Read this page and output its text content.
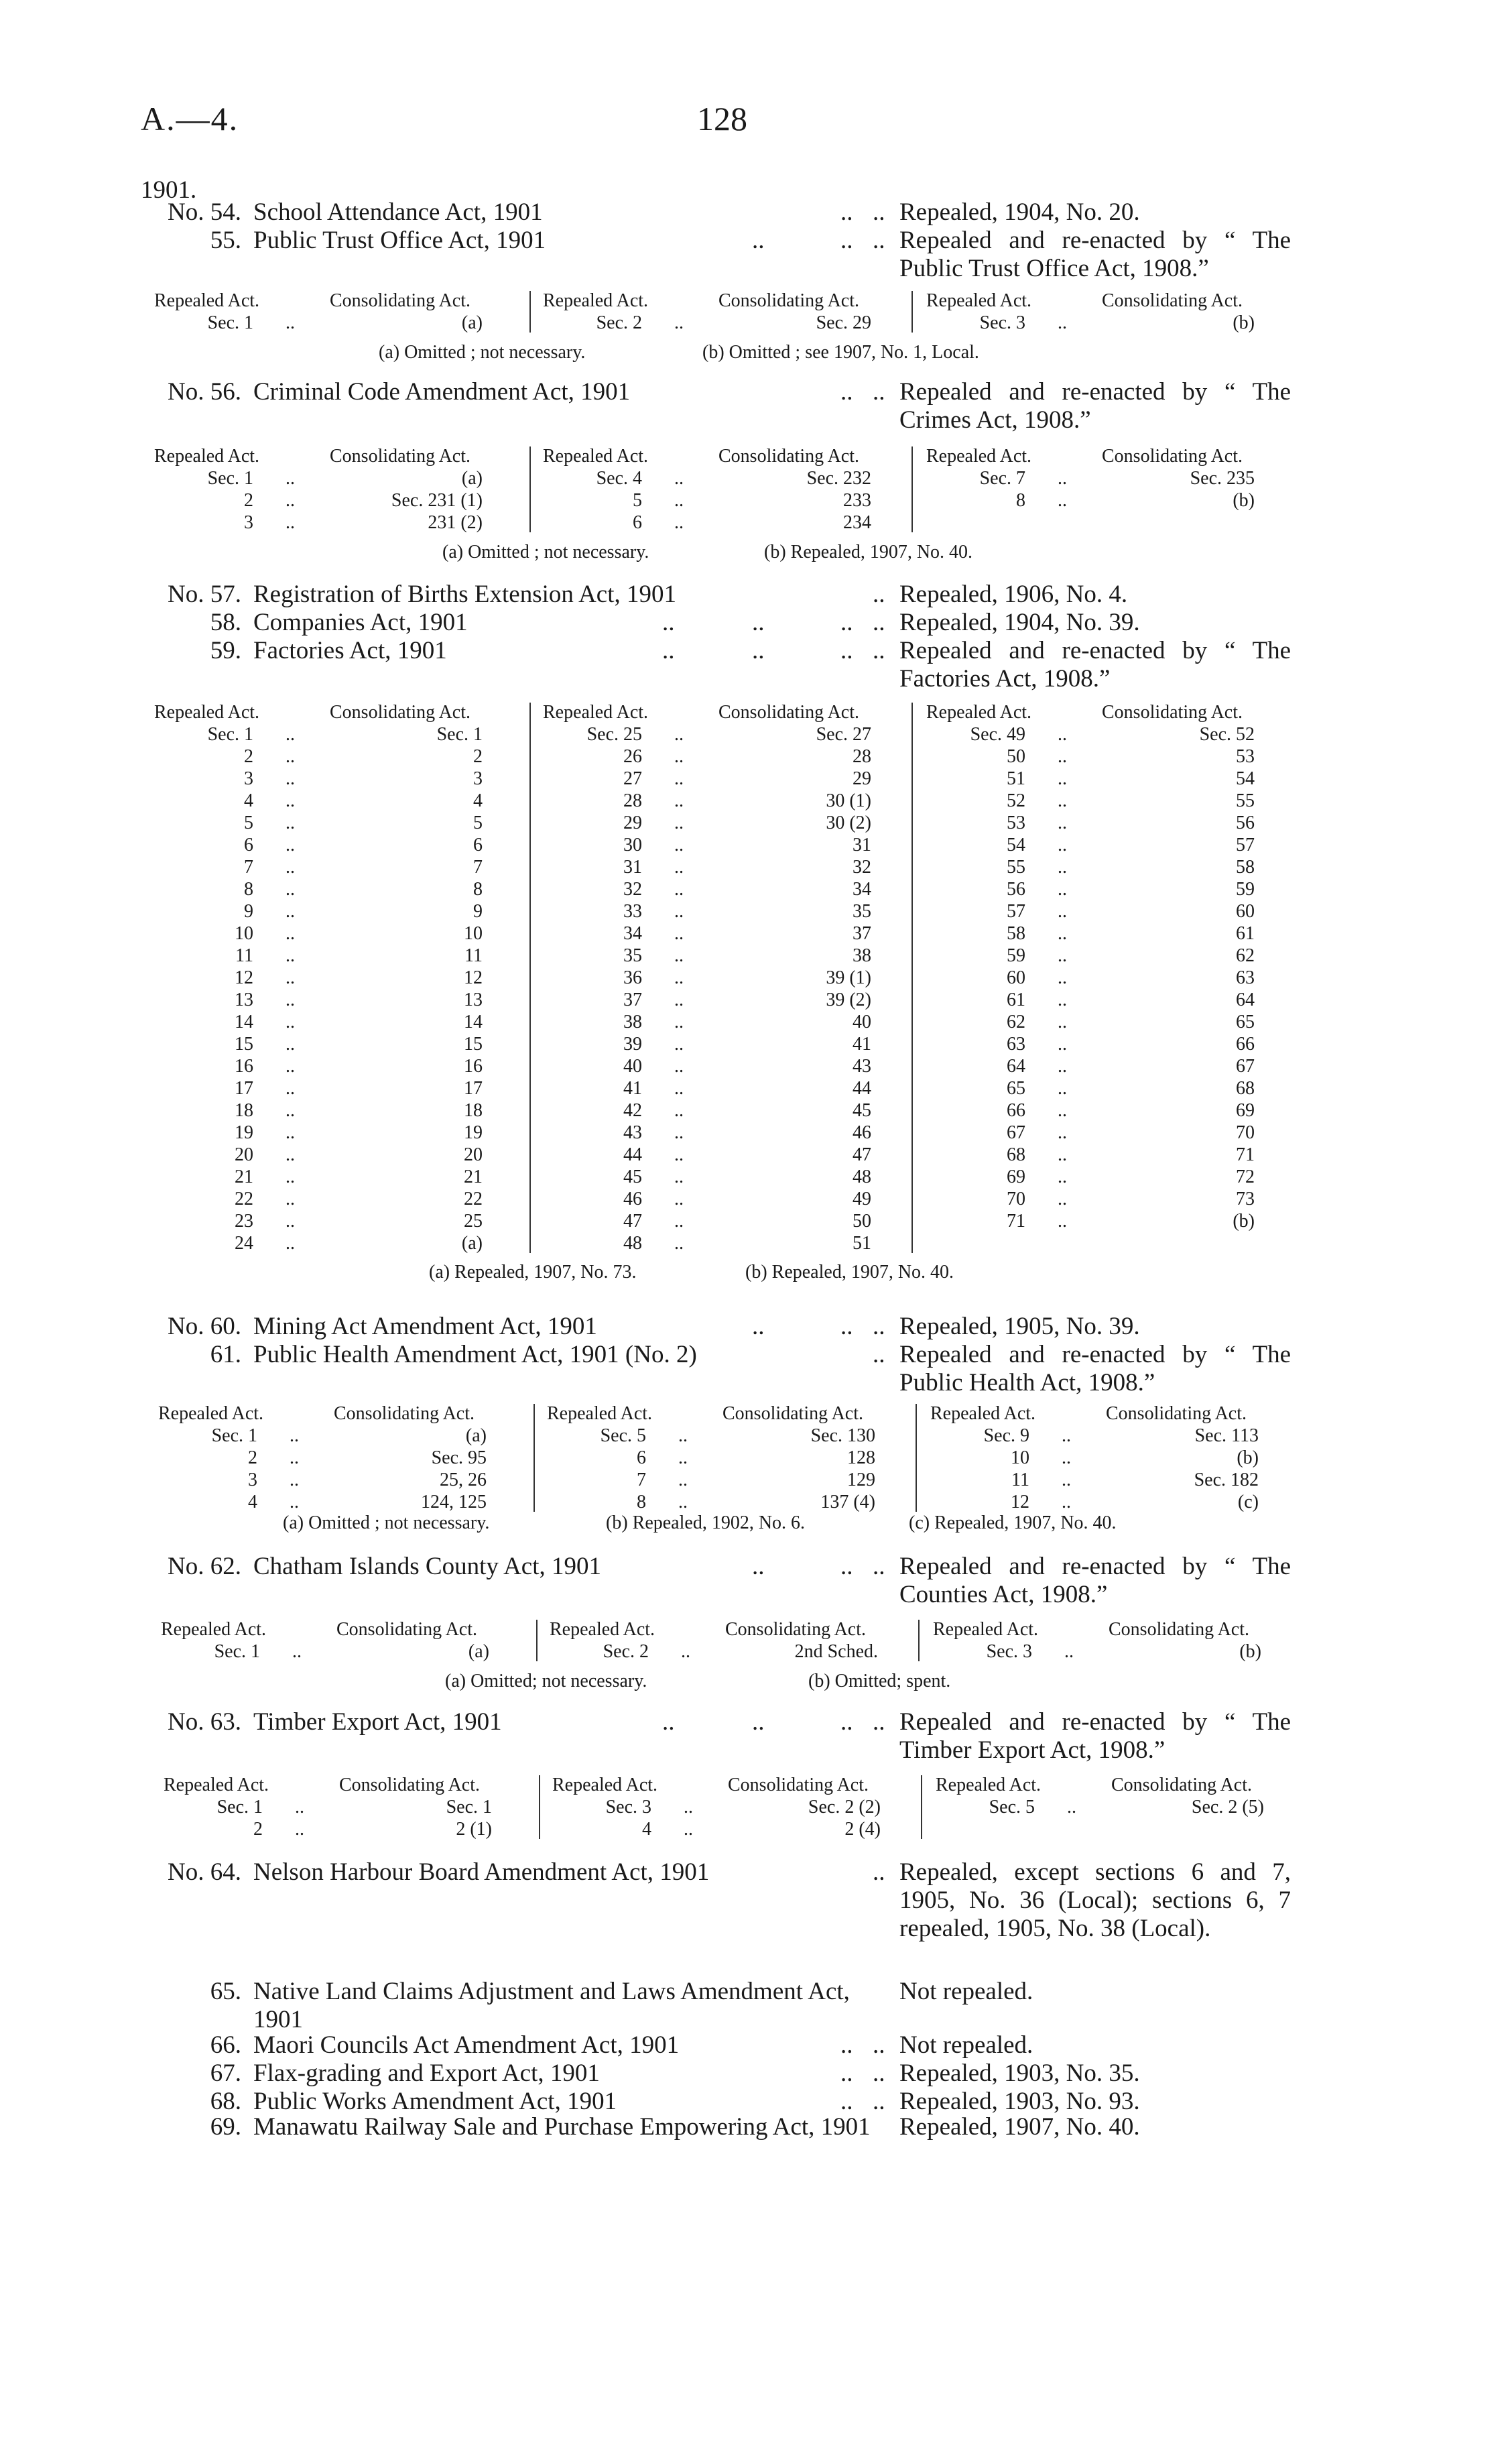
A.—4.	128
1901.
No. 54. School Attendance Act, 1901	.. .. Repealed, 1904, No. 20.
55. Public Trust Office Act, 1901	..	.. .. Repealed and re-enacted by “ The Public Trust Office Act, 1908.”
No. 56. Criminal Code Amendment Act, 1901	.. .. Repealed and re-enacted by “ The Crimes Act, 1908.”
No. 57. Registration of Births Extension Act, 1901	.. Repealed, 1906, No. 4.
58. Companies Act, 1901	..	..	.. .. Repealed, 1904, No. 39.
59. Factories Act, 1901	..	..	.. .. Repealed and re-enacted by “ The Factories Act, 1908.”
No. 60. Mining Act Amendment Act, 1901	..	.. .. Repealed, 1905, No. 39.
61. Public Health Amendment Act, 1901 (No. 2)	.. Repealed and re-enacted by “ The Public Health Act, 1908.”
No. 62. Chatham Islands County Act, 1901	..	.. .. Repealed and re-enacted by “ The Counties Act, 1908.”
No. 63. Timber Export Act, 1901	..	..	.. .. Repealed and re-enacted by “ The Timber Export Act, 1908.”
No. 64. Nelson Harbour Board Amendment Act, 1901	.. Repealed, except sections 6 and 7, 1905, No. 36 (Local); sections 6, 7 repealed, 1905, No. 38 (Local).
65. Native Land Claims Adjustment and Laws Amendment Act, 1901
Not repealed.
66. Maori Councils Act Amendment Act, 1901	.. .. Not repealed.
67. Flax-grading and Export Act, 1901	.. .. Repealed, 1903, No. 35.
68. Public Works Amendment Act, 1901	.. .. Repealed, 1903, No. 93.
69. Manawatu Railway Sale and Purchase Empowering Act, 1901	Repealed, 1907, No. 40.
Repealed Act.	Consolidating Act.
Sec. 1 ..	(a)
Repealed Act.	Consolidating Act.
Sec. 2 ..	Sec. 29
Repealed Act.	Consolidating Act.
Sec. 3 ..	(b)
Repealed Act.	Consolidating Act.
Sec. 1 ..	(a)
2 ..	Sec. 231 (1)
3 ..	231 (2)
Repealed Act.	Consolidating Act.
Sec. 4 ..	Sec. 232
5 ..	233
6 ..	234
Repealed Act.	Consolidating Act.
Sec. 7 ..	Sec. 235
8 ..	(b)
Repealed Act.	Consolidating Act.
Sec. 1 ..	Sec. 1
2 ..	2
3 ..	3
4 ..	4
5 ..	5
6 ..	6
7 ..	7
8 ..	8
9 ..	9
10 ..	10
11 ..	11
12 ..	12
13 ..	13
14 ..	14
15 ..	15
16 ..	16
17 ..	17
18 ..	18
19 ..	19
20 ..	20
21 ..	21
22 ..	22
23 ..	25
24 ..	(a)
Repealed Act.	Consolidating Act.
Sec. 25 ..	Sec. 27
26 ..	28
27 ..	29
28 ..	30 (1)
29 ..	30 (2)
30 ..	31
31 ..	32
32 ..	34
33 ..	35
34 ..	37
35 ..	38
36 ..	39 (1)
37 ..	39 (2)
38 ..	40
39 ..	41
40 ..	43
41 ..	44
42 ..	45
43 ..	46
44 ..	47
45 ..	48
46 ..	49
47 ..	50
48 ..	51
Repealed Act.	Consolidating Act.
Sec. 49 ..	Sec. 52
50 ..	53
51 ..	54
52 ..	55
53 ..	56
54 ..	57
55 ..	58
56 ..	59
57 ..	60
58 ..	61
59 ..	62
60 ..	63
61 ..	64
62 ..	65
63 ..	66
64 ..	67
65 ..	68
66 ..	69
67 ..	70
68 ..	71
69 ..	72
70 ..	73
71 ..	(b)
Repealed Act.	Consolidating Act.
Sec. 1 ..	(a)
2 ..	Sec. 95
3 ..	25, 26
4 ..	124, 125
Repealed Act.	Consolidating Act.
Sec. 5 ..	Sec. 130
6 ..	128
7 ..	129
8 ..	137 (4)
Repealed Act.	Consolidating Act.
Sec. 9 ..	Sec. 113
10 ..	(b)
11 ..	Sec. 182
12 ..	(c)
Repealed Act.	Consolidating Act.
Sec. 1 ..	(a)
Repealed Act.	Consolidating Act.
Sec. 2 ..	2nd Sched.
Repealed Act.	Consolidating Act.
Sec. 3 ..	(b)
Repealed Act.	Consolidating Act.
Sec. 1 ..	Sec. 1
2 ..	2 (1)
Repealed Act.	Consolidating Act.
Sec. 3 ..	Sec. 2 (2)
4 ..	2 (4)
Repealed Act.	Consolidating Act.
Sec. 5 ..	Sec. 2 (5)
(a) Omitted ; not necessary.	(b) Omitted ; see 1907, No. 1, Local.
(a) Omitted ; not necessary.	(b) Repealed, 1907, No. 40.
(a) Repealed, 1907, No. 73.	(b) Repealed, 1907, No. 40.
(a) Omitted ; not necessary.	(b) Repealed, 1902, No. 6.	(c) Repealed, 1907, No. 40.
(a) Omitted; not necessary.	(b) Omitted; spent.
